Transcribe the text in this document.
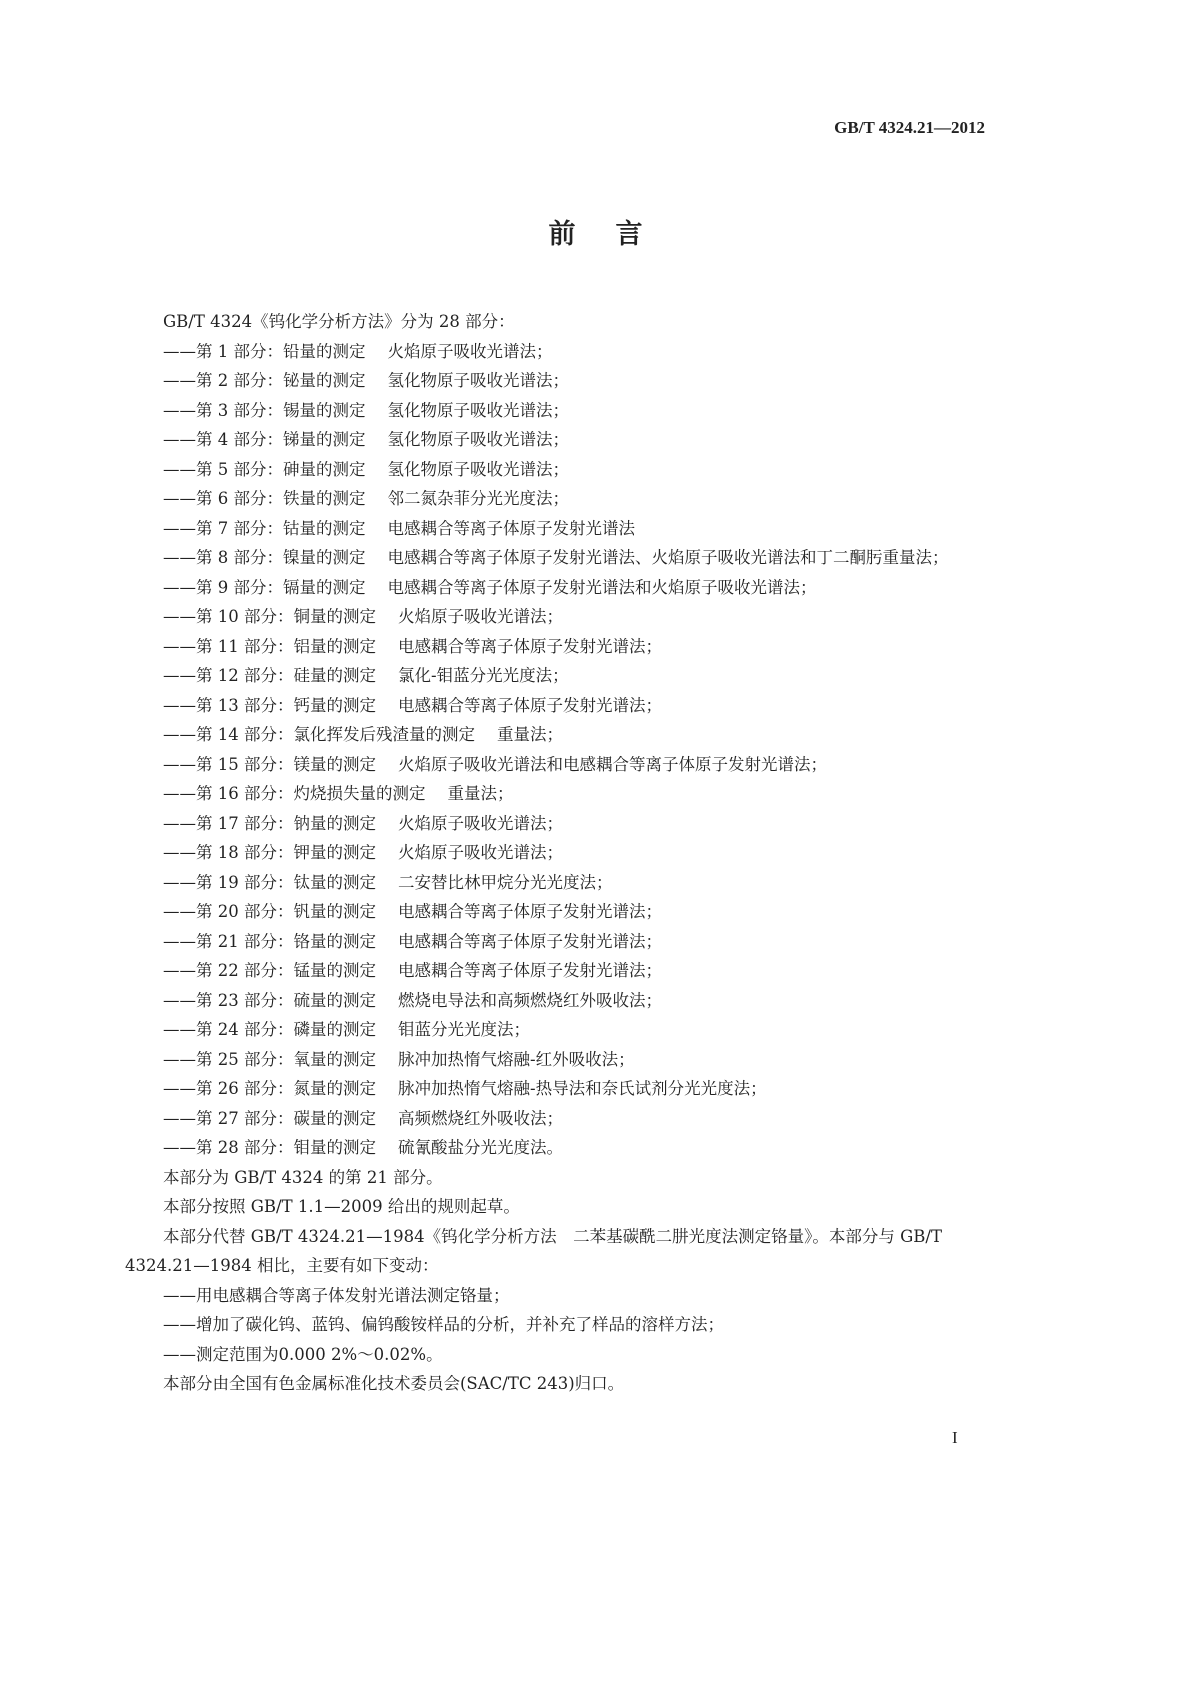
GB/T 4324.21—2012
前言

GB/T 4324《钨化学分析方法》分为 28 部分：

——第 1 部分：铅量的测定 火焰原子吸收光谱法；

——第 2 部分：铋量的测定 氢化物原子吸收光谱法；

——第 3 部分：锡量的测定 氢化物原子吸收光谱法；

——第 4 部分：锑量的测定 氢化物原子吸收光谱法；

——第 5 部分：砷量的测定 氢化物原子吸收光谱法；

——第 6 部分：铁量的测定 邻二氮杂菲分光光度法；

——第 7 部分：钴量的测定 电感耦合等离子体原子发射光谱法

——第 8 部分：镍量的测定 电感耦合等离子体原子发射光谱法、火焰原子吸收光谱法和丁二酮肟重量法；

——第 9 部分：镉量的测定 电感耦合等离子体原子发射光谱法和火焰原子吸收光谱法；

——第 10 部分：铜量的测定 火焰原子吸收光谱法；

——第 11 部分：铝量的测定 电感耦合等离子体原子发射光谱法；

——第 12 部分：硅量的测定 氯化-钼蓝分光光度法；

——第 13 部分：钙量的测定 电感耦合等离子体原子发射光谱法；

——第 14 部分：氯化挥发后残渣量的测定 重量法；

——第 15 部分：镁量的测定 火焰原子吸收光谱法和电感耦合等离子体原子发射光谱法；

——第 16 部分：灼烧损失量的测定 重量法；

——第 17 部分：钠量的测定 火焰原子吸收光谱法；

——第 18 部分：钾量的测定 火焰原子吸收光谱法；

——第 19 部分：钛量的测定 二安替比林甲烷分光光度法；

——第 20 部分：钒量的测定 电感耦合等离子体原子发射光谱法；

——第 21 部分：铬量的测定 电感耦合等离子体原子发射光谱法；

——第 22 部分：锰量的测定 电感耦合等离子体原子发射光谱法；

——第 23 部分：硫量的测定 燃烧电导法和高频燃烧红外吸收法；

——第 24 部分：磷量的测定 钼蓝分光光度法；

——第 25 部分：氧量的测定 脉冲加热惰气熔融-红外吸收法；

——第 26 部分：氮量的测定 脉冲加热惰气熔融-热导法和奈氏试剂分光光度法；

——第 27 部分：碳量的测定 高频燃烧红外吸收法；

——第 28 部分：钼量的测定 硫氰酸盐分光光度法。

本部分为 GB/T 4324 的第 21 部分。

本部分按照 GB/T 1.1—2009 给出的规则起草。

本部分代替 GB/T 4324.21—1984《钨化学分析方法　二苯基碳酰二肼光度法测定铬量》。本部分与 GB/T 4324.21—1984 相比，主要有如下变动：

——用电感耦合等离子体发射光谱法测定铬量；

——增加了碳化钨、蓝钨、偏钨酸铵样品的分析，并补充了样品的溶样方法；

——测定范围为0.000 2%～0.02%。

本部分由全国有色金属标准化技术委员会(SAC/TC 243)归口。

I
